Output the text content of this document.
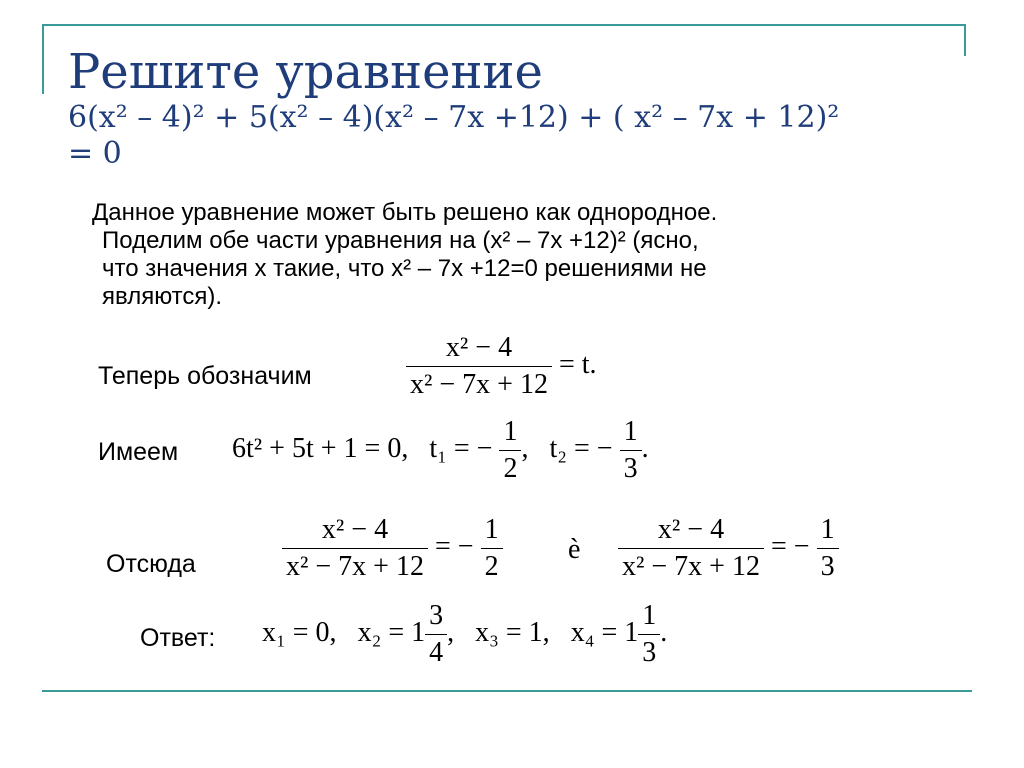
Решите уравнение
6(x² – 4)² + 5(x² – 4)(x² – 7x +12) + ( x² – 7x + 12)²
= 0
Данное уравнение может быть решено как однородное.
Поделим обе части уравнения на (x² – 7x +12)² (ясно,
что значения x такие, что x² – 7x +12=0 решениями не
являются).
Теперь обозначим	$\frac{\text{x² − 4}}{\text{x² − 7x + 12}} = t$.
Имеем 6t² + 5t + 1 = 0, t₁ = − $\frac{1}{2}$ , t₂ = − $\frac{1}{3}$ .
Отсюда	$\frac{\text{x² − 4}}{\text{x² − 7x + 12}}$ = − $\frac{1}{2}$ è $\frac{\text{x² − 4}}{\text{x² − 7x + 12}}$ = − $\frac{1}{3}$
Ответ: x₁ = 0, $x_2 = 1 \frac{3}{4}$ , x₃ = 1, $x_4 = 1 \frac{1}{3}$ .
